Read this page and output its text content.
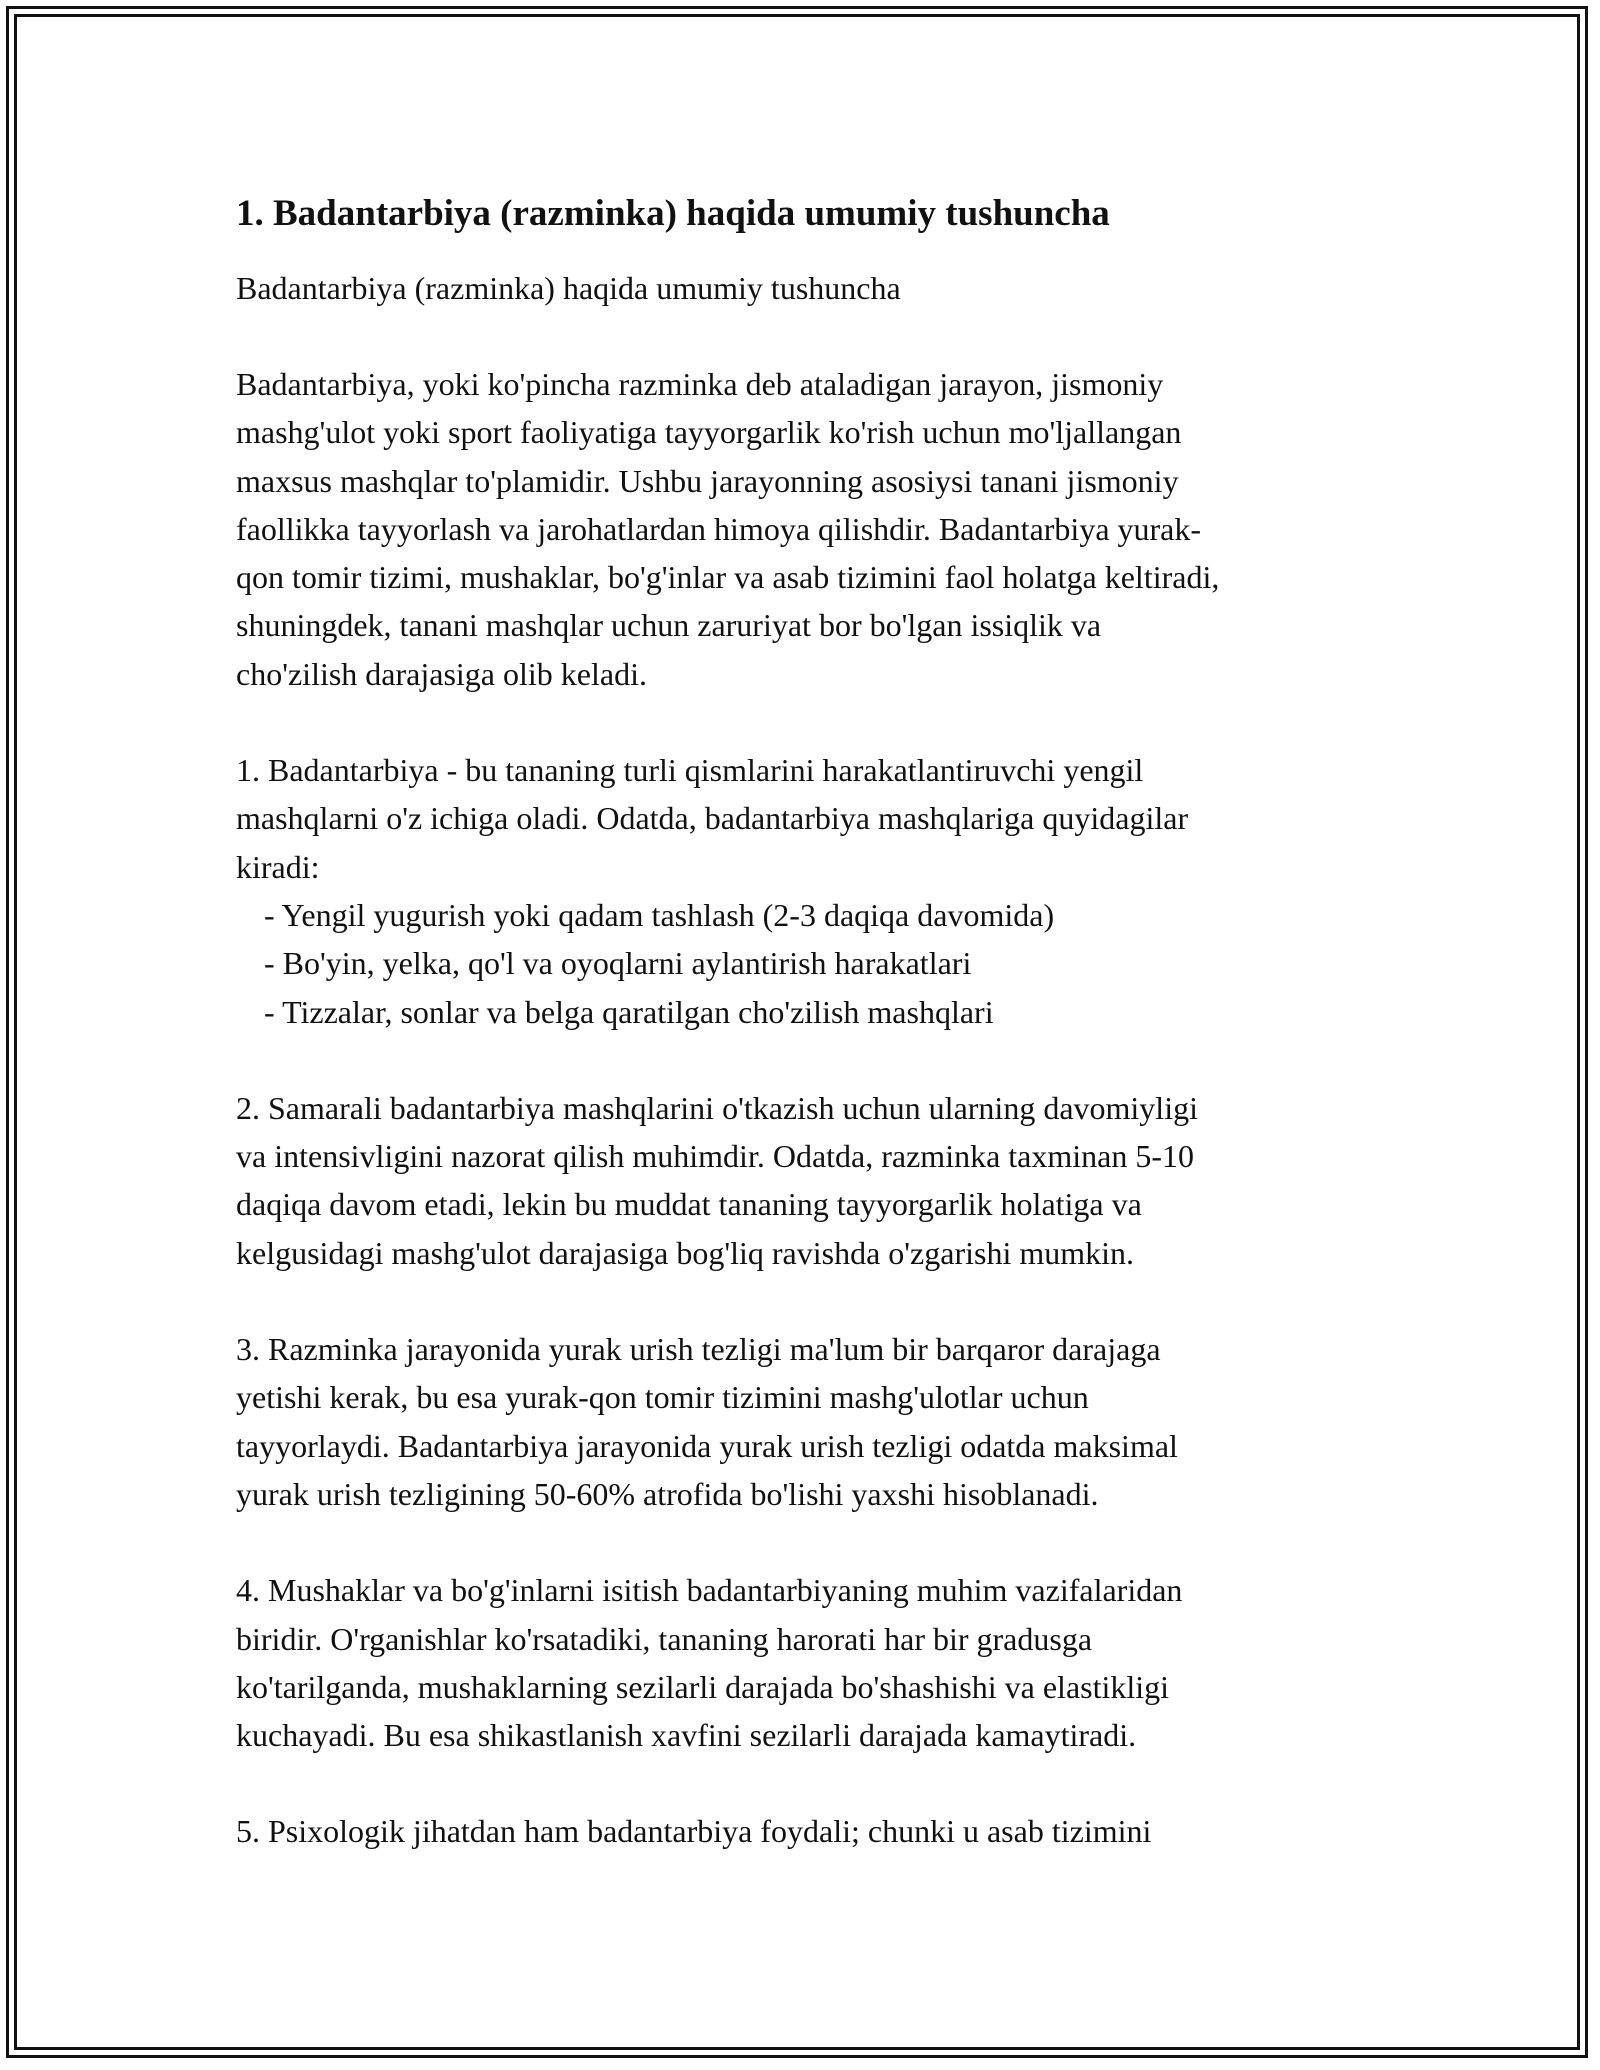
1. Badantarbiya (razminka) haqida umumiy tushuncha

Badantarbiya (razminka) haqida umumiy tushuncha

Badantarbiya, yoki ko'pincha razminka deb ataladigan jarayon, jismoniy
mashg'ulot yoki sport faoliyatiga tayyorgarlik ko'rish uchun mo'ljallangan
maxsus mashqlar to'plamidir. Ushbu jarayonning asosiysi tanani jismoniy
faollikka tayyorlash va jarohatlardan himoya qilishdir. Badantarbiya yurak-
qon tomir tizimi, mushaklar, bo'g'inlar va asab tizimini faol holatga keltiradi,
shuningdek, tanani mashqlar uchun zaruriyat bor bo'lgan issiqlik va
cho'zilish darajasiga olib keladi.

1. Badantarbiya - bu tananing turli qismlarini harakatlantiruvchi yengil
mashqlarni o'z ichiga oladi. Odatda, badantarbiya mashqlariga quyidagilar
kiradi:
- Yengil yugurish yoki qadam tashlash (2-3 daqiqa davomida)
- Bo'yin, yelka, qo'l va oyoqlarni aylantirish harakatlari
- Tizzalar, sonlar va belga qaratilgan cho'zilish mashqlari

2. Samarali badantarbiya mashqlarini o'tkazish uchun ularning davomiyligi
va intensivligini nazorat qilish muhimdir. Odatda, razminka taxminan 5-10
daqiqa davom etadi, lekin bu muddat tananing tayyorgarlik holatiga va
kelgusidagi mashg'ulot darajasiga bog'liq ravishda o'zgarishi mumkin.

3. Razminka jarayonida yurak urish tezligi ma'lum bir barqaror darajaga
yetishi kerak, bu esa yurak-qon tomir tizimini mashg'ulotlar uchun
tayyorlaydi. Badantarbiya jarayonida yurak urish tezligi odatda maksimal
yurak urish tezligining 50-60% atrofida bo'lishi yaxshi hisoblanadi.

4. Mushaklar va bo'g'inlarni isitish badantarbiyaning muhim vazifalaridan
biridir. O'rganishlar ko'rsatadiki, tananing harorati har bir gradusga
ko'tarilganda, mushaklarning sezilarli darajada bo'shashishi va elastikligi
kuchayadi. Bu esa shikastlanish xavfini sezilarli darajada kamaytiradi.

5. Psixologik jihatdan ham badantarbiya foydali; chunki u asab tizimini
